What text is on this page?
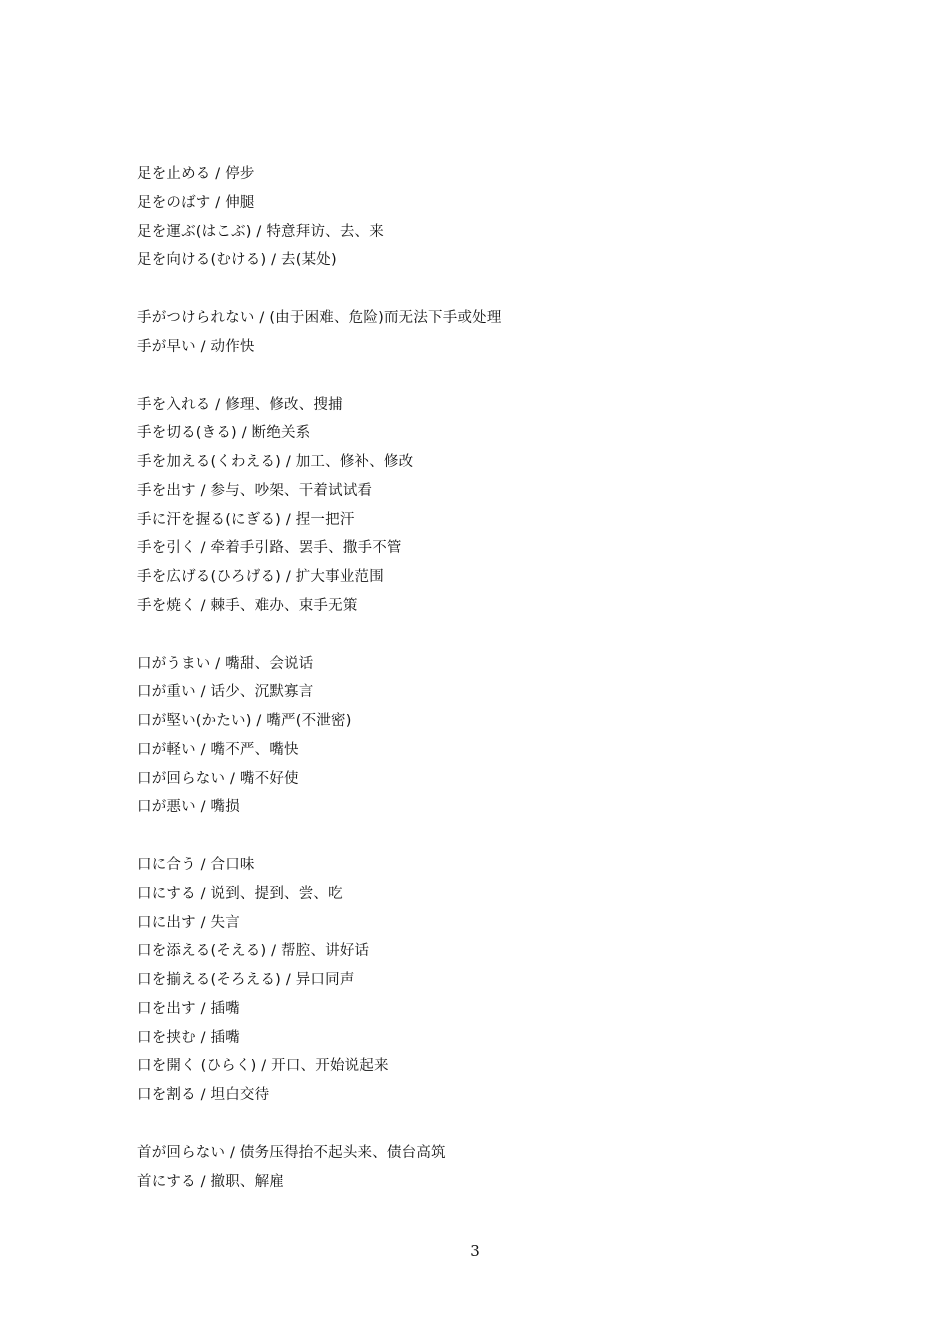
足を止める / 停步
足をのばす / 伸腿
足を運ぶ(はこぶ) / 特意拜访、去、来
足を向ける(むける) / 去(某处)
手がつけられない / (由于困难、危险)而无法下手或处理
手が早い / 动作快
手を入れる / 修理、修改、搜捕
手を切る(きる) / 断绝关系
手を加える(くわえる) / 加工、修补、修改
手を出す / 参与、吵架、干着试试看
手に汗を握る(にぎる) / 捏一把汗
手を引く / 牵着手引路、罢手、撒手不管
手を広げる(ひろげる) / 扩大事业范围
手を焼く / 棘手、难办、束手无策
口がうまい / 嘴甜、会说话
口が重い / 话少、沉默寡言
口が堅い(かたい) / 嘴严(不泄密)
口が軽い / 嘴不严、嘴快
口が回らない / 嘴不好使
口が悪い / 嘴损
口に合う / 合口味
口にする / 说到、提到、尝、吃
口に出す / 失言
口を添える(そえる) / 帮腔、讲好话
口を揃える(そろえる) / 异口同声
口を出す / 插嘴
口を挟む / 插嘴
口を開く (ひらく) / 开口、开始说起来
口を割る / 坦白交待
首が回らない / 债务压得抬不起头来、债台高筑
首にする / 撤职、解雇
3
